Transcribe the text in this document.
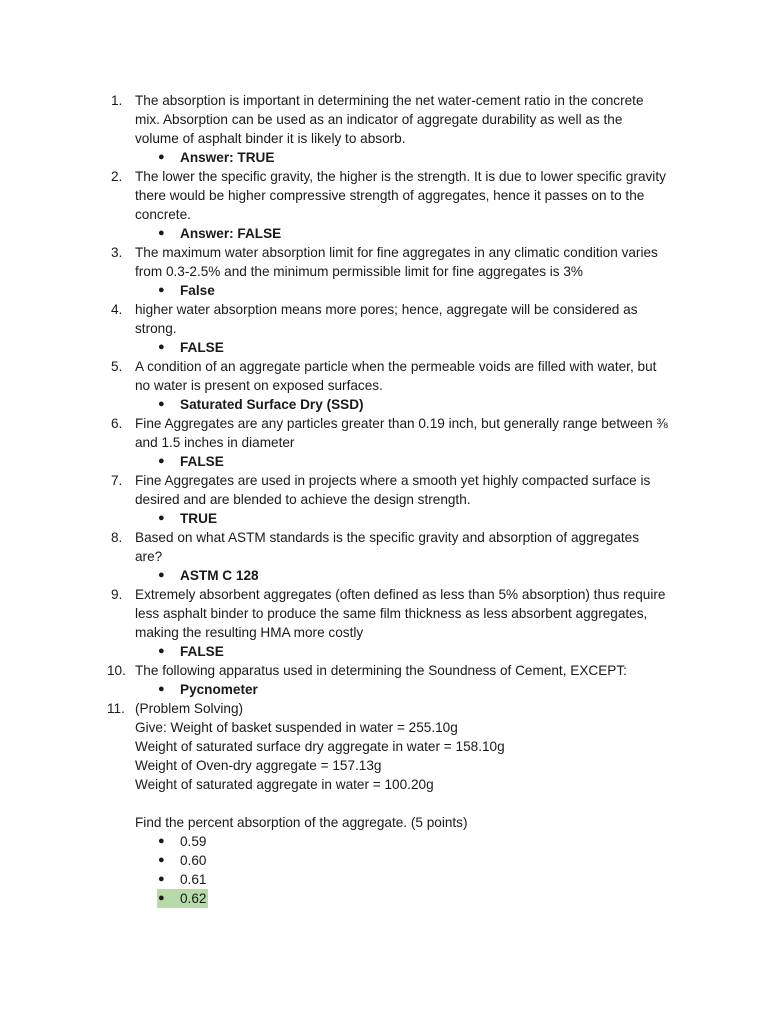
1. The absorption is important in determining the net water-cement ratio in the concrete
mix. Absorption can be used as an indicator of aggregate durability as well as the
volume of asphalt binder it is likely to absorb.
● Answer: TRUE
2. The lower the specific gravity, the higher is the strength. It is due to lower specific gravity
there would be higher compressive strength of aggregates, hence it passes on to the
concrete.
● Answer: FALSE
3. The maximum water absorption limit for fine aggregates in any climatic condition varies
from 0.3-2.5% and the minimum permissible limit for fine aggregates is 3%
● False
4. higher water absorption means more pores; hence, aggregate will be considered as
strong.
● FALSE
5. A condition of an aggregate particle when the permeable voids are filled with water, but
no water is present on exposed surfaces.
● Saturated Surface Dry (SSD)
6. Fine Aggregates are any particles greater than 0.19 inch, but generally range between ⅜
and 1.5 inches in diameter
● FALSE
7. Fine Aggregates are used in projects where a smooth yet highly compacted surface is
desired and are blended to achieve the design strength.
● TRUE
8. Based on what ASTM standards is the specific gravity and absorption of aggregates
are?
● ASTM C 128
9. Extremely absorbent aggregates (often defined as less than 5% absorption) thus require
less asphalt binder to produce the same film thickness as less absorbent aggregates,
making the resulting HMA more costly
● FALSE
10. The following apparatus used in determining the Soundness of Cement, EXCEPT:
● Pycnometer
11. (Problem Solving)
Give: Weight of basket suspended in water = 255.10g
Weight of saturated surface dry aggregate in water = 158.10g
Weight of Oven-dry aggregate = 157.13g
Weight of saturated aggregate in water = 100.20g
Find the percent absorption of the aggregate. (5 points)
● 0.59
● 0.60
● 0.61
● 0.62
